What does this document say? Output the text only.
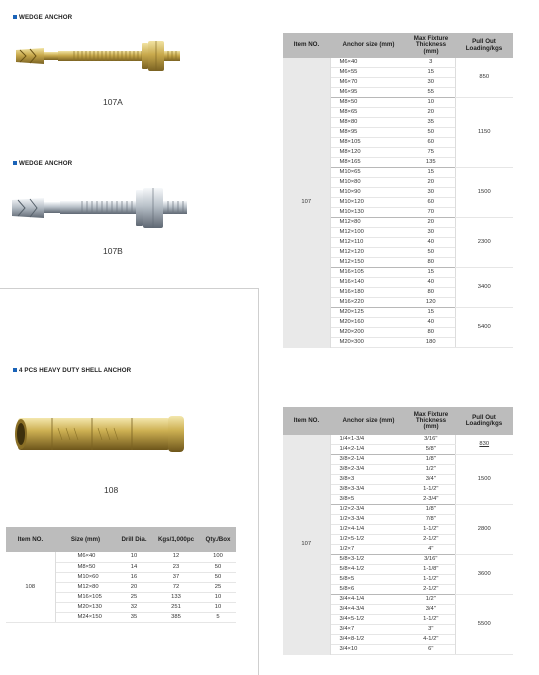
WEDGE ANCHOR
107A
WEDGE ANCHOR
107B
4 PCS HEAVY DUTY SHELL ANCHOR
108
Item NO.	Anchor size (mm)	Max Fixture Thickness (mm)	Pull Out Loading/kgs
107	M6×40	3	850
	M6×55	15	
	M6×70	30	
	M6×95	55	
	M8×50	10	1150
	M8×65	20	
	M8×80	35	
	M8×95	50	
	M8×105	60	
	M8×120	75	
	M8×165	135	
	M10×65	15	1500
	M10×80	20	
	M10×90	30	
	M10×120	60	
	M10×130	70	
	M12×80	20	2300
	M12×100	30	
	M12×110	40	
	M12×120	50	
	M12×150	80	
	M16×105	15	3400
	M16×140	40	
	M16×180	80	
	M16×220	120	
	M20×125	15	5400
	M20×160	40	
	M20×200	80	
	M20×300	180	
Item NO.	Anchor size (mm)	Max Fixture Thickness (mm)	Pull Out Loading/kgs
107	1/4×1-3/4	3/16"	830
	1/4×2-1/4	5/8"	
	3/8×2-1/4	1/8"	1500
	3/8×2-3/4	1/2"	
	3/8×3	3/4"	
	3/8×3-3/4	1-1/2"	
	3/8×5	2-3/4"	
	1/2×2-3/4	1/8"	2800
	1/2×3-3/4	7/8"	
	1/2×4-1/4	1-1/2"	
	1/2×5-1/2	2-1/2"	
	1/2×7	4"	
	5/8×3-1/2	3/16"	3600
	5/8×4-1/2	1-1/8"	
	5/8×5	1-1/2"	
	5/8×6	2-1/2"	
	3/4×4-1/4	1/2"	5500
	3/4×4-3/4	3/4"	
	3/4×5-1/2	1-1/2"	
	3/4×7	3"	
	3/4×8-1/2	4-1/2"	
	3/4×10	6"	
Item NO.	Size (mm)	Drill Dia.	Kgs/1,000pc	Qty./Box
108	M6×40	10	12	100
	M8×50	14	23	50
	M10×60	16	37	50
	M12×80	20	72	25
	M16×105	25	133	10
	M20×130	32	251	10
	M24×150	35	385	5
